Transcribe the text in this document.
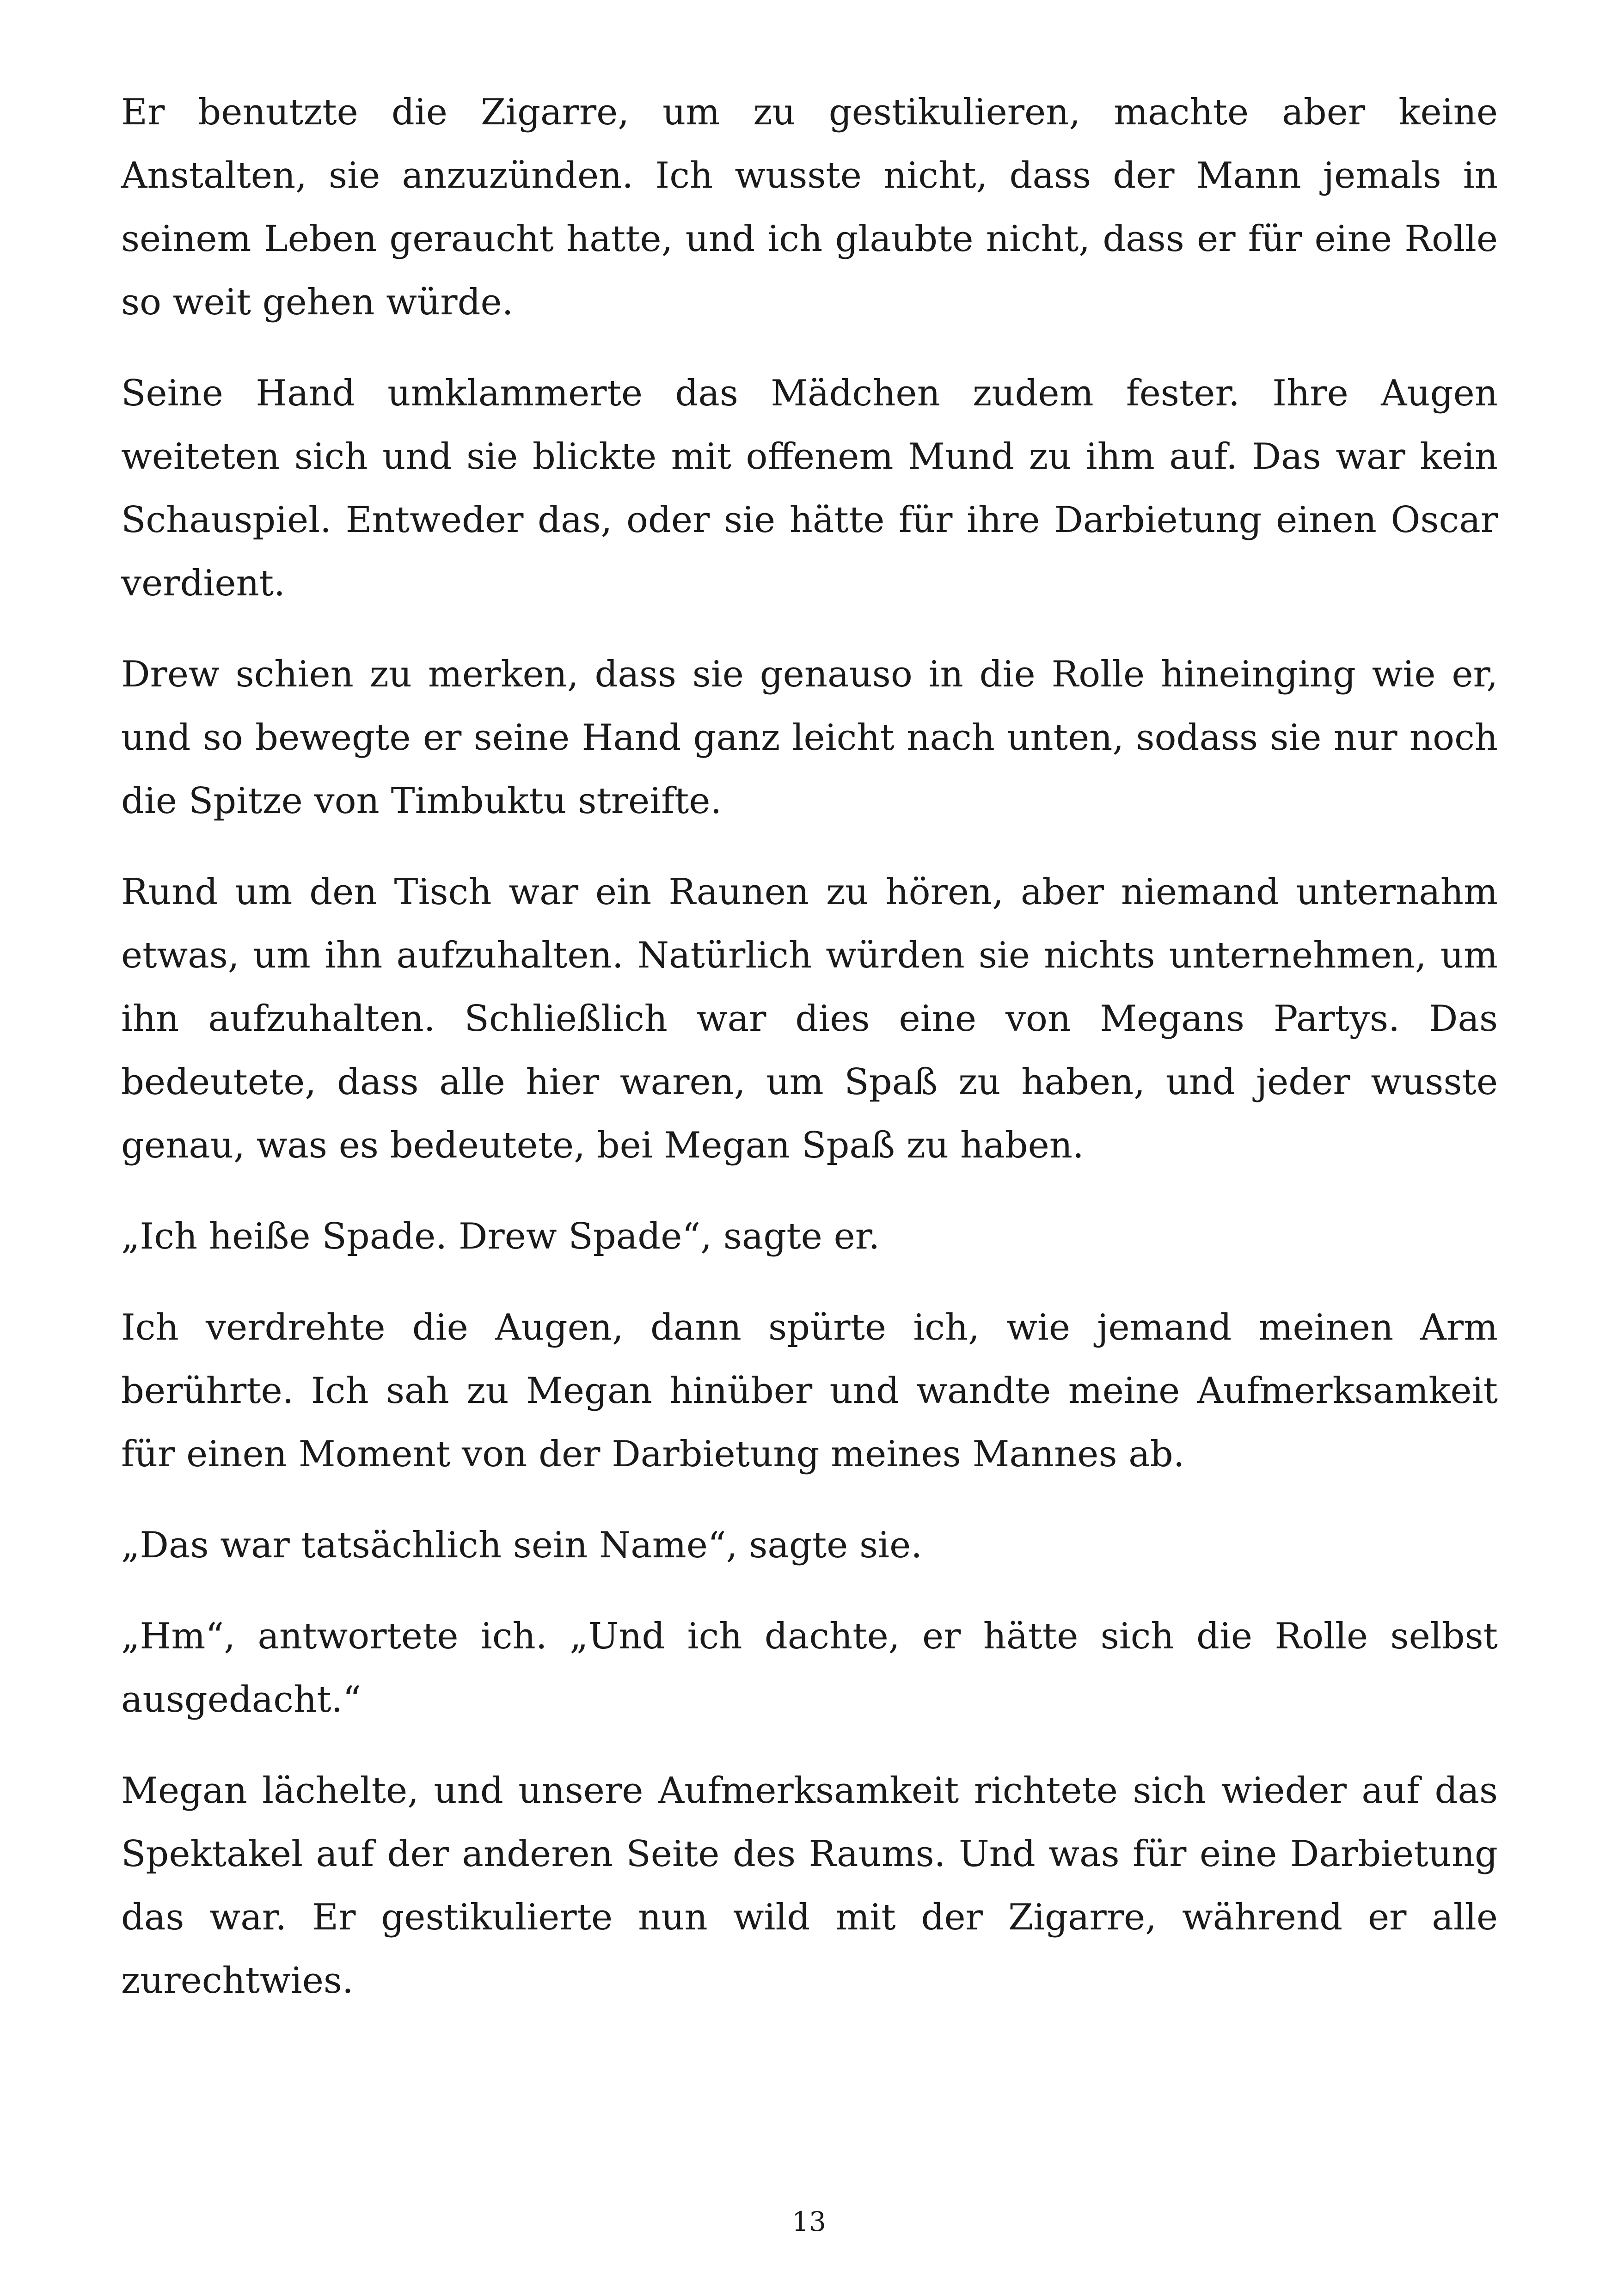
Er benutzte die Zigarre, um zu gestikulieren, machte aber keine Anstalten, sie anzuzünden. Ich wusste nicht, dass der Mann jemals in seinem Leben geraucht hatte, und ich glaubte nicht, dass er für eine Rolle so weit gehen würde.

Seine Hand umklammerte das Mädchen zudem fester. Ihre Augen weiteten sich und sie blickte mit offenem Mund zu ihm auf. Das war kein Schauspiel. Entweder das, oder sie hätte für ihre Darbietung einen Oscar verdient.

Drew schien zu merken, dass sie genauso in die Rolle hineinging wie er, und so bewegte er seine Hand ganz leicht nach unten, sodass sie nur noch die Spitze von Timbuktu streifte.

Rund um den Tisch war ein Raunen zu hören, aber niemand unternahm etwas, um ihn aufzuhalten. Natürlich würden sie nichts unternehmen, um ihn aufzuhalten. Schließlich war dies eine von Megans Partys. Das bedeutete, dass alle hier waren, um Spaß zu haben, und jeder wusste genau, was es bedeutete, bei Megan Spaß zu haben.

„Ich heiße Spade. Drew Spade“, sagte er.

Ich verdrehte die Augen, dann spürte ich, wie jemand meinen Arm berührte. Ich sah zu Megan hinüber und wandte meine Aufmerksamkeit für einen Moment von der Darbietung meines Mannes ab.

„Das war tatsächlich sein Name“, sagte sie.

„Hm“, antwortete ich. „Und ich dachte, er hätte sich die Rolle selbst ausgedacht.“

Megan lächelte, und unsere Aufmerksamkeit richtete sich wieder auf das Spektakel auf der anderen Seite des Raums. Und was für eine Darbietung das war. Er gestikulierte nun wild mit der Zigarre, während er alle zurechtwies.

13
